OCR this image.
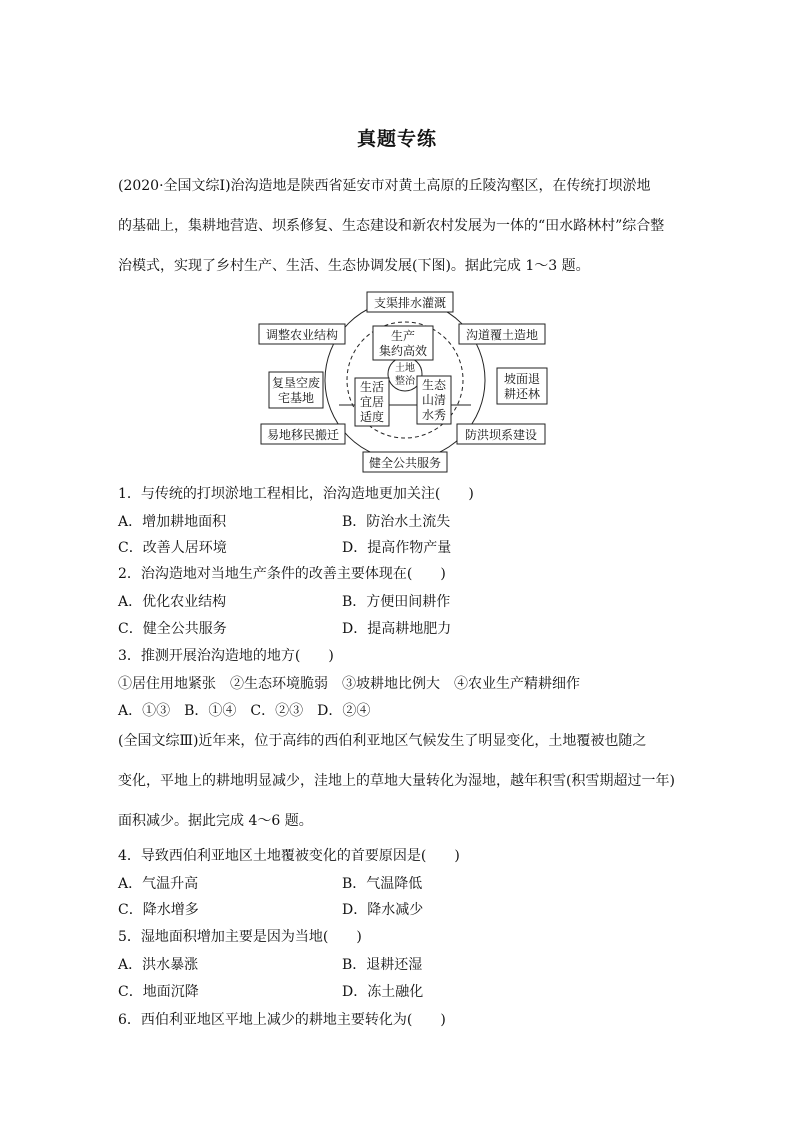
真题专练
(2020·全国文综Ⅰ)治沟造地是陕西省延安市对黄土高原的丘陵沟壑区，在传统打坝淤地
的基础上，集耕地营造、坝系修复、生态建设和新农村发展为一体的“田水路林村”综合整
治模式，实现了乡村生产、生活、生态协调发展(下图)。据此完成 1～3 题。
支渠排水灌溉
调整农业结构	沟道覆土造地
复垦空废
宅基地
坡面退
耕还林
易地移民搬迁	防洪坝系建设
健全公共服务
生产
集约高效
生活
宜居
适度
生态
山清
水秀
土地
整治
1．与传统的打坝淤地工程相比，治沟造地更加关注(　　)
A．增加耕地面积	B．防治水土流失
C．改善人居环境	D．提高作物产量
2．治沟造地对当地生产条件的改善主要体现在(　　)
A．优化农业结构	B．方便田间耕作
C．健全公共服务	D．提高耕地肥力
3．推测开展治沟造地的地方(　　)
①居住用地紧张　②生态环境脆弱　③坡耕地比例大　④农业生产精耕细作
A．①③　B．①④　C．②③　D．②④
(全国文综Ⅲ)近年来，位于高纬的西伯利亚地区气候发生了明显变化，土地覆被也随之
变化，平地上的耕地明显减少，洼地上的草地大量转化为湿地，越年积雪(积雪期超过一年)
面积减少。据此完成 4～6 题。
4．导致西伯利亚地区土地覆被变化的首要原因是(　　)
A．气温升高	B．气温降低
C．降水增多	D．降水减少
5．湿地面积增加主要是因为当地(　　)
A．洪水暴涨	B．退耕还湿
C．地面沉降	D．冻土融化
6．西伯利亚地区平地上减少的耕地主要转化为(　　)
